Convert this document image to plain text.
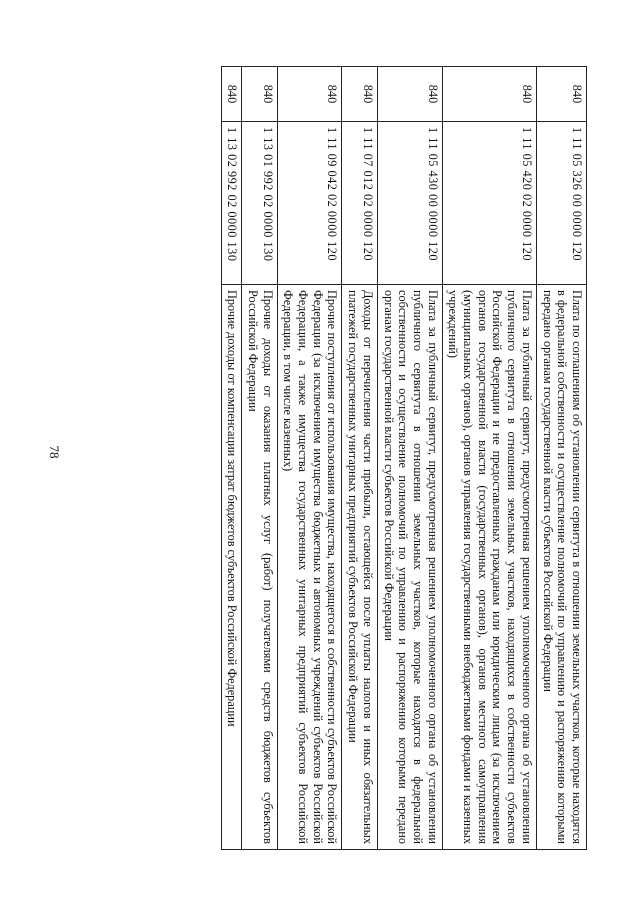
78
840	1 11 05 326 00 0000 120	Плата по соглашениям об установлении сервитута в отношении земельных участков, которые находятся в федеральной собственности и осуществление полномочий по управлению и распоряжению которыми передано органам государственной власти субъектов Российской Федерации
840	1 11 05 420 02 0000 120	Плата за публичный сервитут, предусмотренная решением уполномоченного органа об установлении публичного сервитута в отношении земельных участков, находящихся в собственности субъектов Российской Федерации и не предоставленных гражданам или юридическим лицам (за исключением органов государственной власти (государственных органов), органов местного самоуправления (муниципальных органов), органов управления государственными внебюджетными фондами и казенных учреждений)
840	1 11 05 430 00 0000 120	Плата за публичный сервитут, предусмотренная решением уполномоченного органа об установлении публичного сервитута в отношении земельных участков, которые находятся в федеральной собственности и осуществление полномочий по управлению и распоряжению которыми передано органам государственной власти субъектов Российской Федерации
840	1 11 07 012 02 0000 120	Доходы от перечисления части прибыли, остающейся после уплаты налогов и иных обязательных платежей государственных унитарных предприятий субъектов Российской Федерации
840	1 11 09 042 02 0000 120	Прочие поступления от использования имущества, находящегося в собственности субъектов Российской Федерации (за исключением имущества бюджетных и автономных учреждений субъектов Российской Федерации, а также имущества государственных унитарных предприятий субъектов Российской Федерации, в том числе казенных)
840	1 13 01 992 02 0000 130	Прочие доходы от оказания платных услуг (работ) получателями средств бюджетов субъектов Российской Федерации
840	1 13 02 992 02 0000 130	Прочие доходы от компенсации затрат бюджетов субъектов Российской Федерации
